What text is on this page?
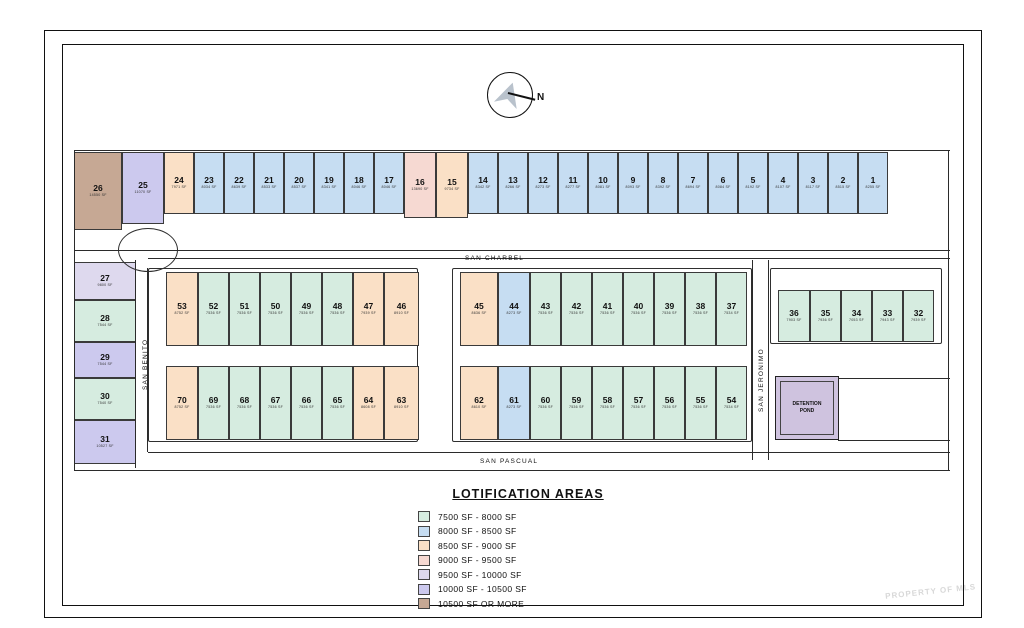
N
26
14550 SF
25
11070 SF
24
7971 SF
23
8034 SF
22
8639 SF
21
8533 SF
20
8537 SF
19
8341 SF
18
8046 SF
17
8046 SF
16
13690 SF
15
9734 SF
14
8342 SF
13
8266 SF
12
8273 SF
11
8277 SF
10
8081 SF
9
8093 SF
8
8392 SF
7
8694 SF
6
8084 SF
5
8192 SF
4
8107 SF
3
8117 SF
2
8515 SF
1
8255 SF
27
9800 SF
28
7544 SF
29
7544 SF
30
7540 SF
31
10527 SF
53
8752 SF
52
7536 SF
51
7536 SF
50
7536 SF
49
7536 SF
48
7536 SF
47
7939 SF
46
8910 SF
70
8752 SF
69
7536 SF
68
7536 SF
67
7536 SF
66
7536 SF
65
7536 SF
64
8608 SF
63
8910 SF
45
8636 SF
44
8273 SF
43
7536 SF
42
7536 SF
41
7536 SF
40
7536 SF
39
7536 SF
38
7536 SF
37
7534 SF
62
8610 SF
61
8273 SF
60
7536 SF
59
7536 SF
58
7536 SF
57
7536 SF
56
7536 SF
55
7536 SF
54
7534 SF
36
7903 SF
35
7936 SF
34
7053 SF
33
7943 SF
32
7939 SF
DETENTION
POND
SAN CHARBEL
SAN PASCUAL
SAN BENITO	SAN JERONIMO
LOTIFICATION AREAS
7500 SF - 8000 SF
8000 SF - 8500 SF
8500 SF - 9000 SF
9000 SF - 9500 SF
9500 SF - 10000 SF
10000 SF - 10500 SF
10500 SF OR MORE
PROPERTY OF MLS
